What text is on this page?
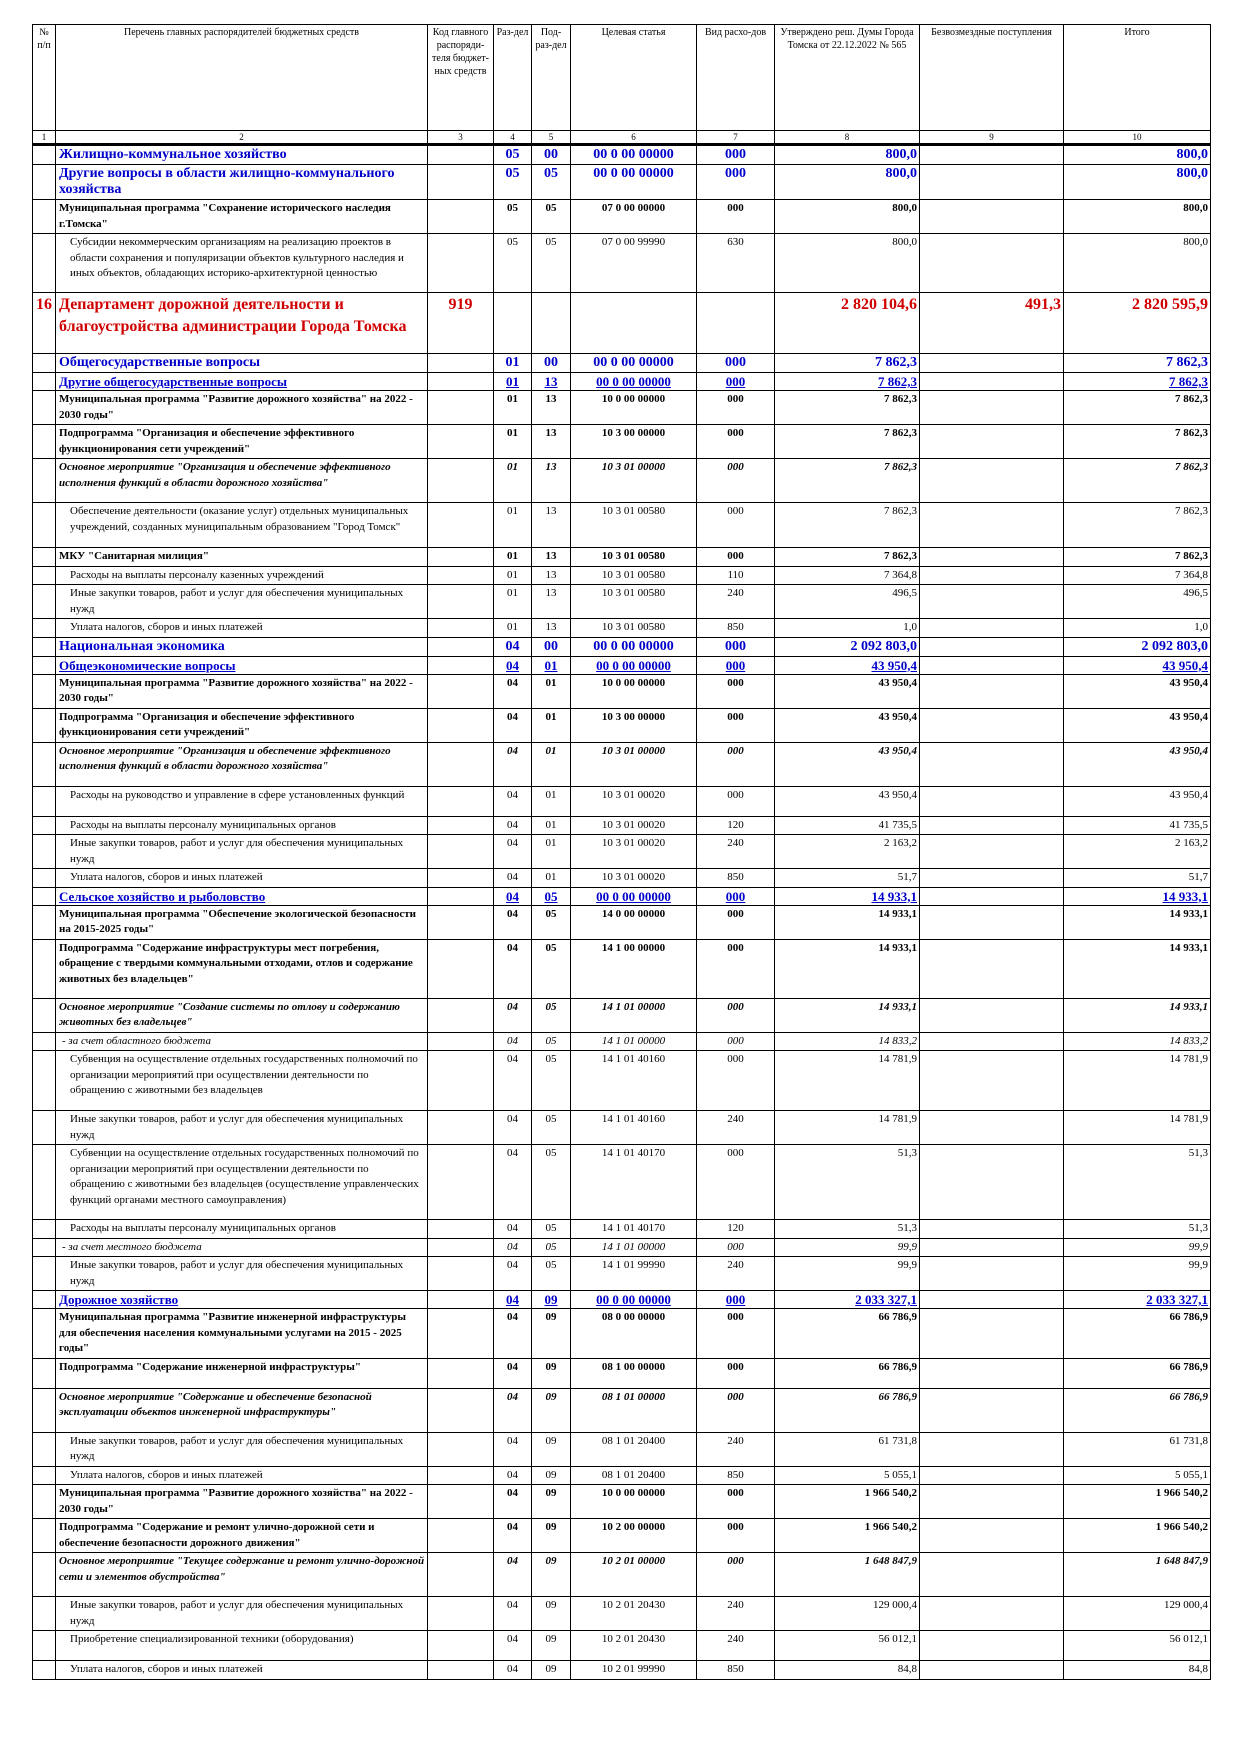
№ п/п	Перечень главных распорядителей бюджетных средств	Код главного распоряди-теля бюджет-ных средств	Раз-дел	Под-раз-дел	Целевая статья	Вид расхо-дов	Утверждено реш. Думы Города Томска от 22.12.2022 № 565	Безвозмездные поступления	Итого
1	2	3	4	5	6	7	8	9	10
	Жилищно-коммунальное хозяйство		05	00	00 0 00 00000	000	800,0		800,0
	Другие вопросы в области жилищно-коммунального хозяйства		05	05	00 0 00 00000	000	800,0		800,0
	Муниципальная программа "Сохранение исторического наследия г.Томска"		05	05	07 0 00 00000	000	800,0		800,0
	Субсидии некоммерческим организациям на реализацию проектов в области сохранения и популяризации объектов культурного наследия и иных объектов, обладающих историко-архитектурной ценностью		05	05	07 0 00 99990	630	800,0		800,0
16	Департамент дорожной деятельности и благоустройства администрации Города Томска	919					2 820 104,6	491,3	2 820 595,9
	Общегосударственные вопросы		01	00	00 0 00 00000	000	7 862,3		7 862,3
	Другие общегосударственные вопросы		01	13	00 0 00 00000	000	7 862,3		7 862,3
	Муниципальная программа "Развитие дорожного хозяйства" на 2022 - 2030 годы"		01	13	10 0 00 00000	000	7 862,3		7 862,3
	Подпрограмма "Организация и обеспечение эффективного функционирования сети учреждений"		01	13	10 3 00 00000	000	7 862,3		7 862,3
	Основное мероприятие "Организация и обеспечение эффективного исполнения функций в области дорожного хозяйства"		01	13	10 3 01 00000	000	7 862,3		7 862,3
	Обеспечение деятельности (оказание услуг) отдельных муниципальных учреждений, созданных муниципальным образованием "Город Томск"		01	13	10 3 01 00580	000	7 862,3		7 862,3
	МКУ "Санитарная милиция"		01	13	10 3 01 00580	000	7 862,3		7 862,3
	Расходы на выплаты персоналу казенных учреждений		01	13	10 3 01 00580	110	7 364,8		7 364,8
	Иные закупки товаров, работ и услуг для обеспечения муниципальных нужд		01	13	10 3 01 00580	240	496,5		496,5
	Уплата налогов, сборов и иных платежей		01	13	10 3 01 00580	850	1,0		1,0
	Национальная экономика		04	00	00 0 00 00000	000	2 092 803,0		2 092 803,0
	Общеэкономические вопросы		04	01	00 0 00 00000	000	43 950,4		43 950,4
	Муниципальная программа "Развитие дорожного хозяйства" на 2022 - 2030 годы"		04	01	10 0 00 00000	000	43 950,4		43 950,4
	Подпрограмма "Организация и обеспечение эффективного функционирования сети учреждений"		04	01	10 3 00 00000	000	43 950,4		43 950,4
	Основное мероприятие "Организация и обеспечение эффективного исполнения функций в области дорожного хозяйства"		04	01	10 3 01 00000	000	43 950,4		43 950,4
	Расходы на руководство и управление в сфере установленных функций		04	01	10 3 01 00020	000	43 950,4		43 950,4
	Расходы на выплаты персоналу муниципальных органов		04	01	10 3 01 00020	120	41 735,5		41 735,5
	Иные закупки товаров, работ и услуг для обеспечения муниципальных нужд		04	01	10 3 01 00020	240	2 163,2		2 163,2
	Уплата налогов, сборов и иных платежей		04	01	10 3 01 00020	850	51,7		51,7
	Сельское хозяйство и рыболовство		04	05	00 0 00 00000	000	14 933,1		14 933,1
	Муниципальная программа "Обеспечение экологической безопасности на 2015-2025 годы"		04	05	14 0 00 00000	000	14 933,1		14 933,1
	Подпрограмма "Содержание инфраструктуры мест погребения, обращение с твердыми коммунальными отходами, отлов и содержание животных без владельцев"		04	05	14 1 00 00000	000	14 933,1		14 933,1
	Основное мероприятие "Создание системы по отлову и содержанию животных без владельцев"		04	05	14 1 01 00000	000	14 933,1		14 933,1
	- за счет областного бюджета		04	05	14 1 01 00000	000	14 833,2		14 833,2
	Субвенция на осуществление отдельных государственных полномочий по организации мероприятий при осуществлении деятельности по обращению с животными без владельцев		04	05	14 1 01 40160	000	14 781,9		14 781,9
	Иные закупки товаров, работ и услуг для обеспечения муниципальных нужд		04	05	14 1 01 40160	240	14 781,9		14 781,9
	Субвенции на осуществление отдельных государственных полномочий по организации мероприятий при осуществлении деятельности по обращению с животными без владельцев (осуществление управленческих функций органами местного самоуправления)		04	05	14 1 01 40170	000	51,3		51,3
	Расходы на выплаты персоналу муниципальных органов		04	05	14 1 01 40170	120	51,3		51,3
	- за счет местного бюджета		04	05	14 1 01 00000	000	99,9		99,9
	Иные закупки товаров, работ и услуг для обеспечения муниципальных нужд		04	05	14 1 01 99990	240	99,9		99,9
	Дорожное хозяйство		04	09	00 0 00 00000	000	2 033 327,1		2 033 327,1
	Муниципальная программа "Развитие инженерной инфраструктуры для обеспечения населения коммунальными услугами на 2015 - 2025 годы"		04	09	08 0 00 00000	000	66 786,9		66 786,9
	Подпрограмма "Содержание инженерной инфраструктуры"		04	09	08 1 00 00000	000	66 786,9		66 786,9
	Основное мероприятие "Содержание и обеспечение безопасной эксплуатации объектов инженерной инфраструктуры"		04	09	08 1 01 00000	000	66 786,9		66 786,9
	Иные закупки товаров, работ и услуг для обеспечения муниципальных нужд		04	09	08 1 01 20400	240	61 731,8		61 731,8
	Уплата налогов, сборов и иных платежей		04	09	08 1 01 20400	850	5 055,1		5 055,1
	Муниципальная программа "Развитие дорожного хозяйства" на 2022 - 2030 годы"		04	09	10 0 00 00000	000	1 966 540,2		1 966 540,2
	Подпрограмма "Содержание и ремонт улично-дорожной сети и обеспечение безопасности дорожного движения"		04	09	10 2 00 00000	000	1 966 540,2		1 966 540,2
	Основное мероприятие "Текущее содержание и ремонт улично-дорожной сети и элементов обустройства"		04	09	10 2 01 00000	000	1 648 847,9		1 648 847,9
	Иные закупки товаров, работ и услуг для обеспечения муниципальных нужд		04	09	10 2 01 20430	240	129 000,4		129 000,4
	Приобретение специализированной техники (оборудования)		04	09	10 2 01 20430	240	56 012,1		56 012,1
	Уплата налогов, сборов и иных платежей		04	09	10 2 01 99990	850	84,8		84,8
